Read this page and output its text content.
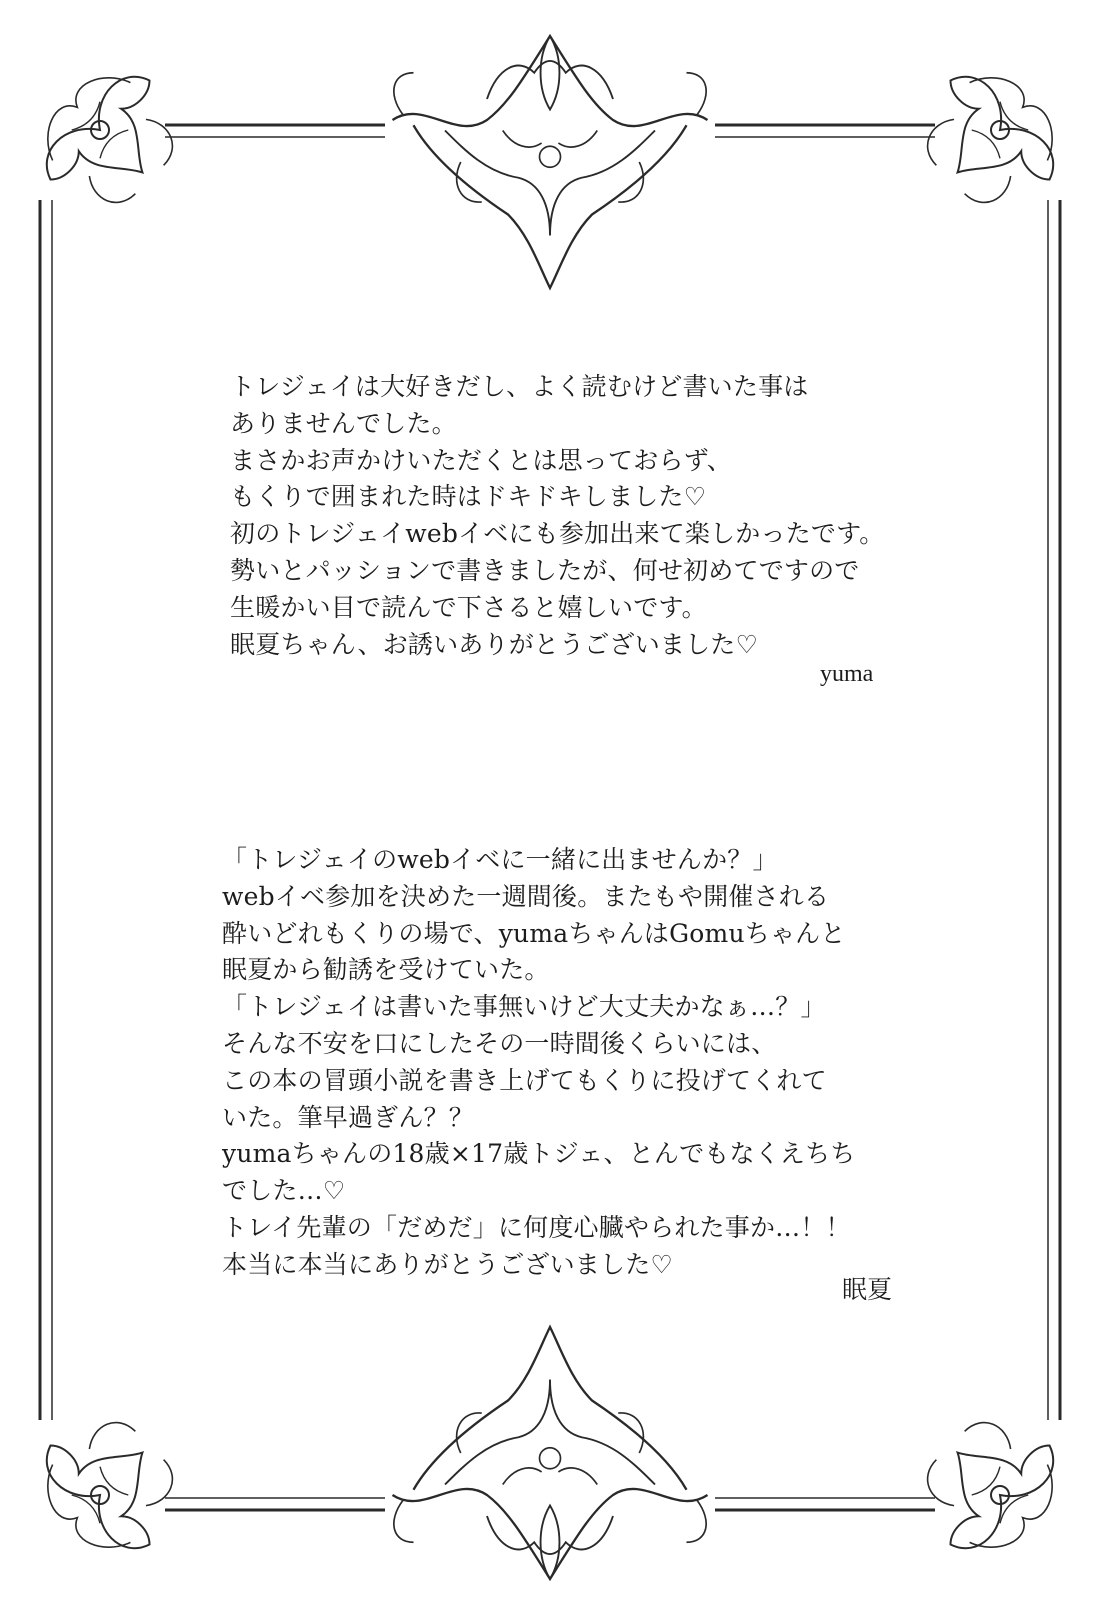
トレジェイは大好きだし、よく読むけど書いた事は
ありませんでした。
まさかお声かけいただくとは思っておらず、
もくりで囲まれた時はドキドキしました♡
初のトレジェイwebイベにも参加出来て楽しかったです。
勢いとパッションで書きましたが、何せ初めてですので
生暖かい目で読んで下さると嬉しいです。
眠夏ちゃん、お誘いありがとうございました♡
yuma
「トレジェイのwebイベに一緒に出ませんか？」
webイベ参加を決めた一週間後。またもや開催される
酔いどれもくりの場で、yumaちゃんはGomuちゃんと
眠夏から勧誘を受けていた。
「トレジェイは書いた事無いけど大丈夫かなぁ…？」
そんな不安を口にしたその一時間後くらいには、
この本の冒頭小説を書き上げてもくりに投げてくれて
いた。筆早過ぎん？？
yumaちゃんの18歳×17歳トジェ、とんでもなくえちち
でした…♡
トレイ先輩の「だめだ」に何度心臓やられた事か…！！
本当に本当にありがとうございました♡
眠夏
